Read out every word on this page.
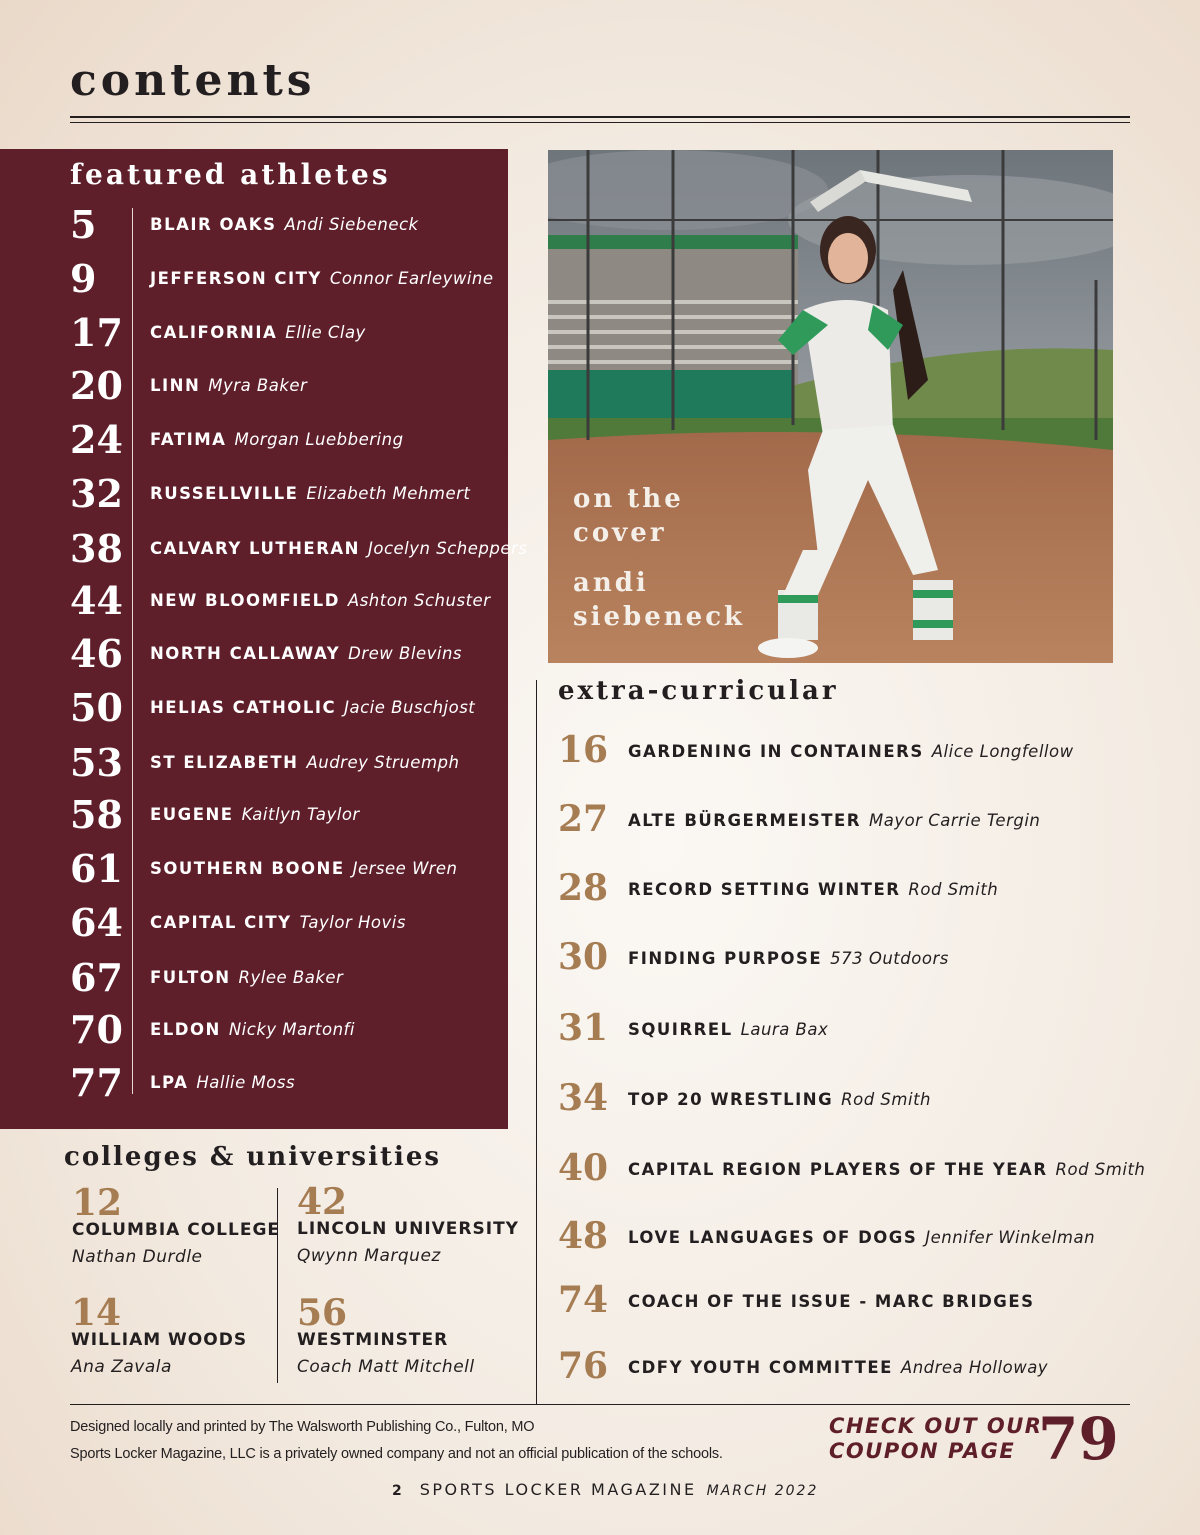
contents
featured athletes
5	BLAIR OAKS Andi Siebeneck
9	JEFFERSON CITY Connor Earleywine
17 CALIFORNIA Ellie Clay
20 LINN Myra Baker
24 FATIMA Morgan Luebbering
32 RUSSELLVILLE Elizabeth Mehmert
38 CALVARY LUTHERAN Jocelyn Scheppers
44 NEW BLOOMFIELD Ashton Schuster
46 NORTH CALLAWAY Drew Blevins
50 HELIAS CATHOLIC Jacie Buschjost
53 ST ELIZABETH Audrey Struemph
58 EUGENE Kaitlyn Taylor
61 SOUTHERN BOONE Jersee Wren
64 CAPITAL CITY Taylor Hovis
67 FULTON Rylee Baker
70 ELDON Nicky Martonfi
77 LPA Hallie Moss
on the
cover
andi
siebeneck
extra-curricular
16 GARDENING IN CONTAINERS Alice Longfellow
27 ALTE BÜRGERMEISTER Mayor Carrie Tergin
28 RECORD SETTING WINTER Rod Smith
30 FINDING PURPOSE 573 Outdoors
31 SQUIRREL Laura Bax
34 TOP 20 WRESTLING Rod Smith
40 CAPITAL REGION PLAYERS OF THE YEAR Rod Smith
48 LOVE LANGUAGES OF DOGS Jennifer Winkelman
74 COACH OF THE ISSUE - MARC BRIDGES
76 CDFY YOUTH COMMITTEE Andrea Holloway
colleges & universities
12
COLUMBIA COLLEGE
Nathan Durdle
42
LINCOLN UNIVERSITY
Qwynn Marquez
14
WILLIAM WOODS
Ana Zavala
56
WESTMINSTER
Coach Matt Mitchell
Designed locally and printed by The Walsworth Publishing Co., Fulton, MO
Sports Locker Magazine, LLC is a privately owned company and not an official publication of the schools.
CHECK OUT OUR
COUPON PAGE 79
2 SPORTS LOCKER MAGAZINE MARCH 2022
